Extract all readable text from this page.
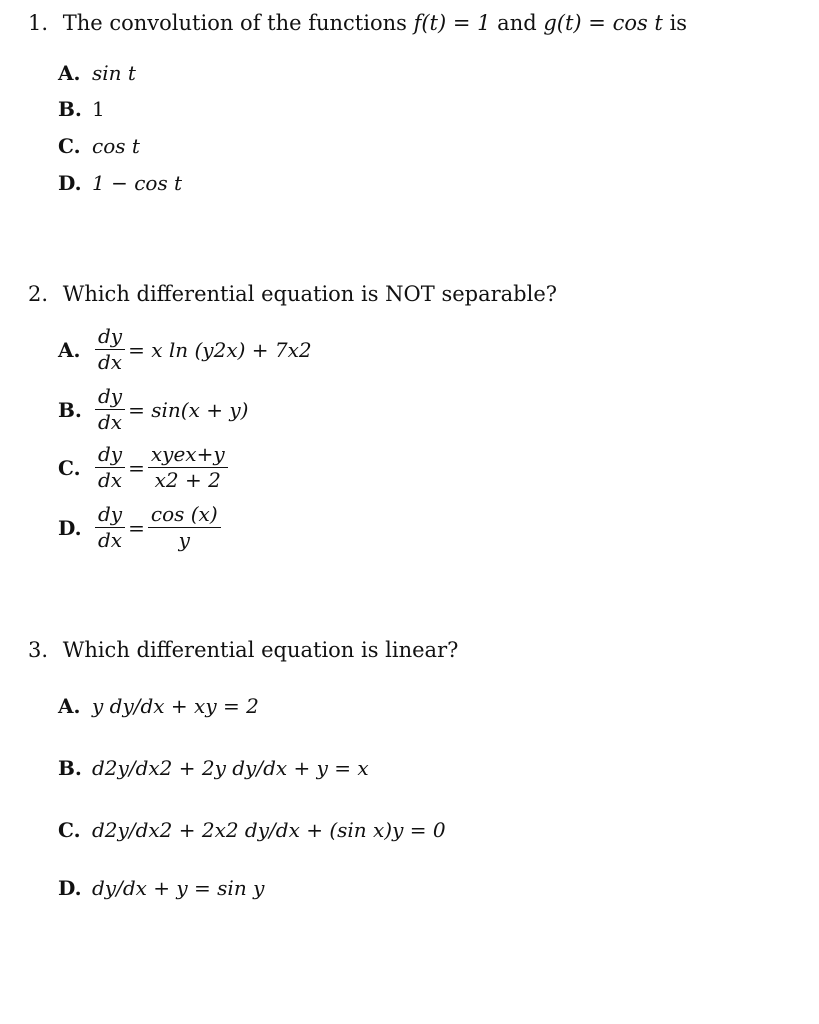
1. The convolution of the functions f(t) = 1 and g(t) = cos t is
A. sin t
B. 1
C. cos t
D. 1 − cos t
2. Which differential equation is NOT separable?
A. $\frac{dy}{dx} = x$ ln (y2x) + 7x2
B. $\frac{dy}{dx} = \sin(x + y)$
C. $\frac{dy}{dx} = \frac{\text{xyex+y}}{x2 + 2}$
D. $\frac{dy}{dx} = \frac{\cos (x)}{y}$
3. Which differential equation is linear?
A. y dy/dx + xy = 2
B. d2y/dx2 + 2y dy/dx + y = x
C. d2y/dx2 + 2x2 dy/dx + (sin x)y = 0
D. dy/dx + y = sin y
